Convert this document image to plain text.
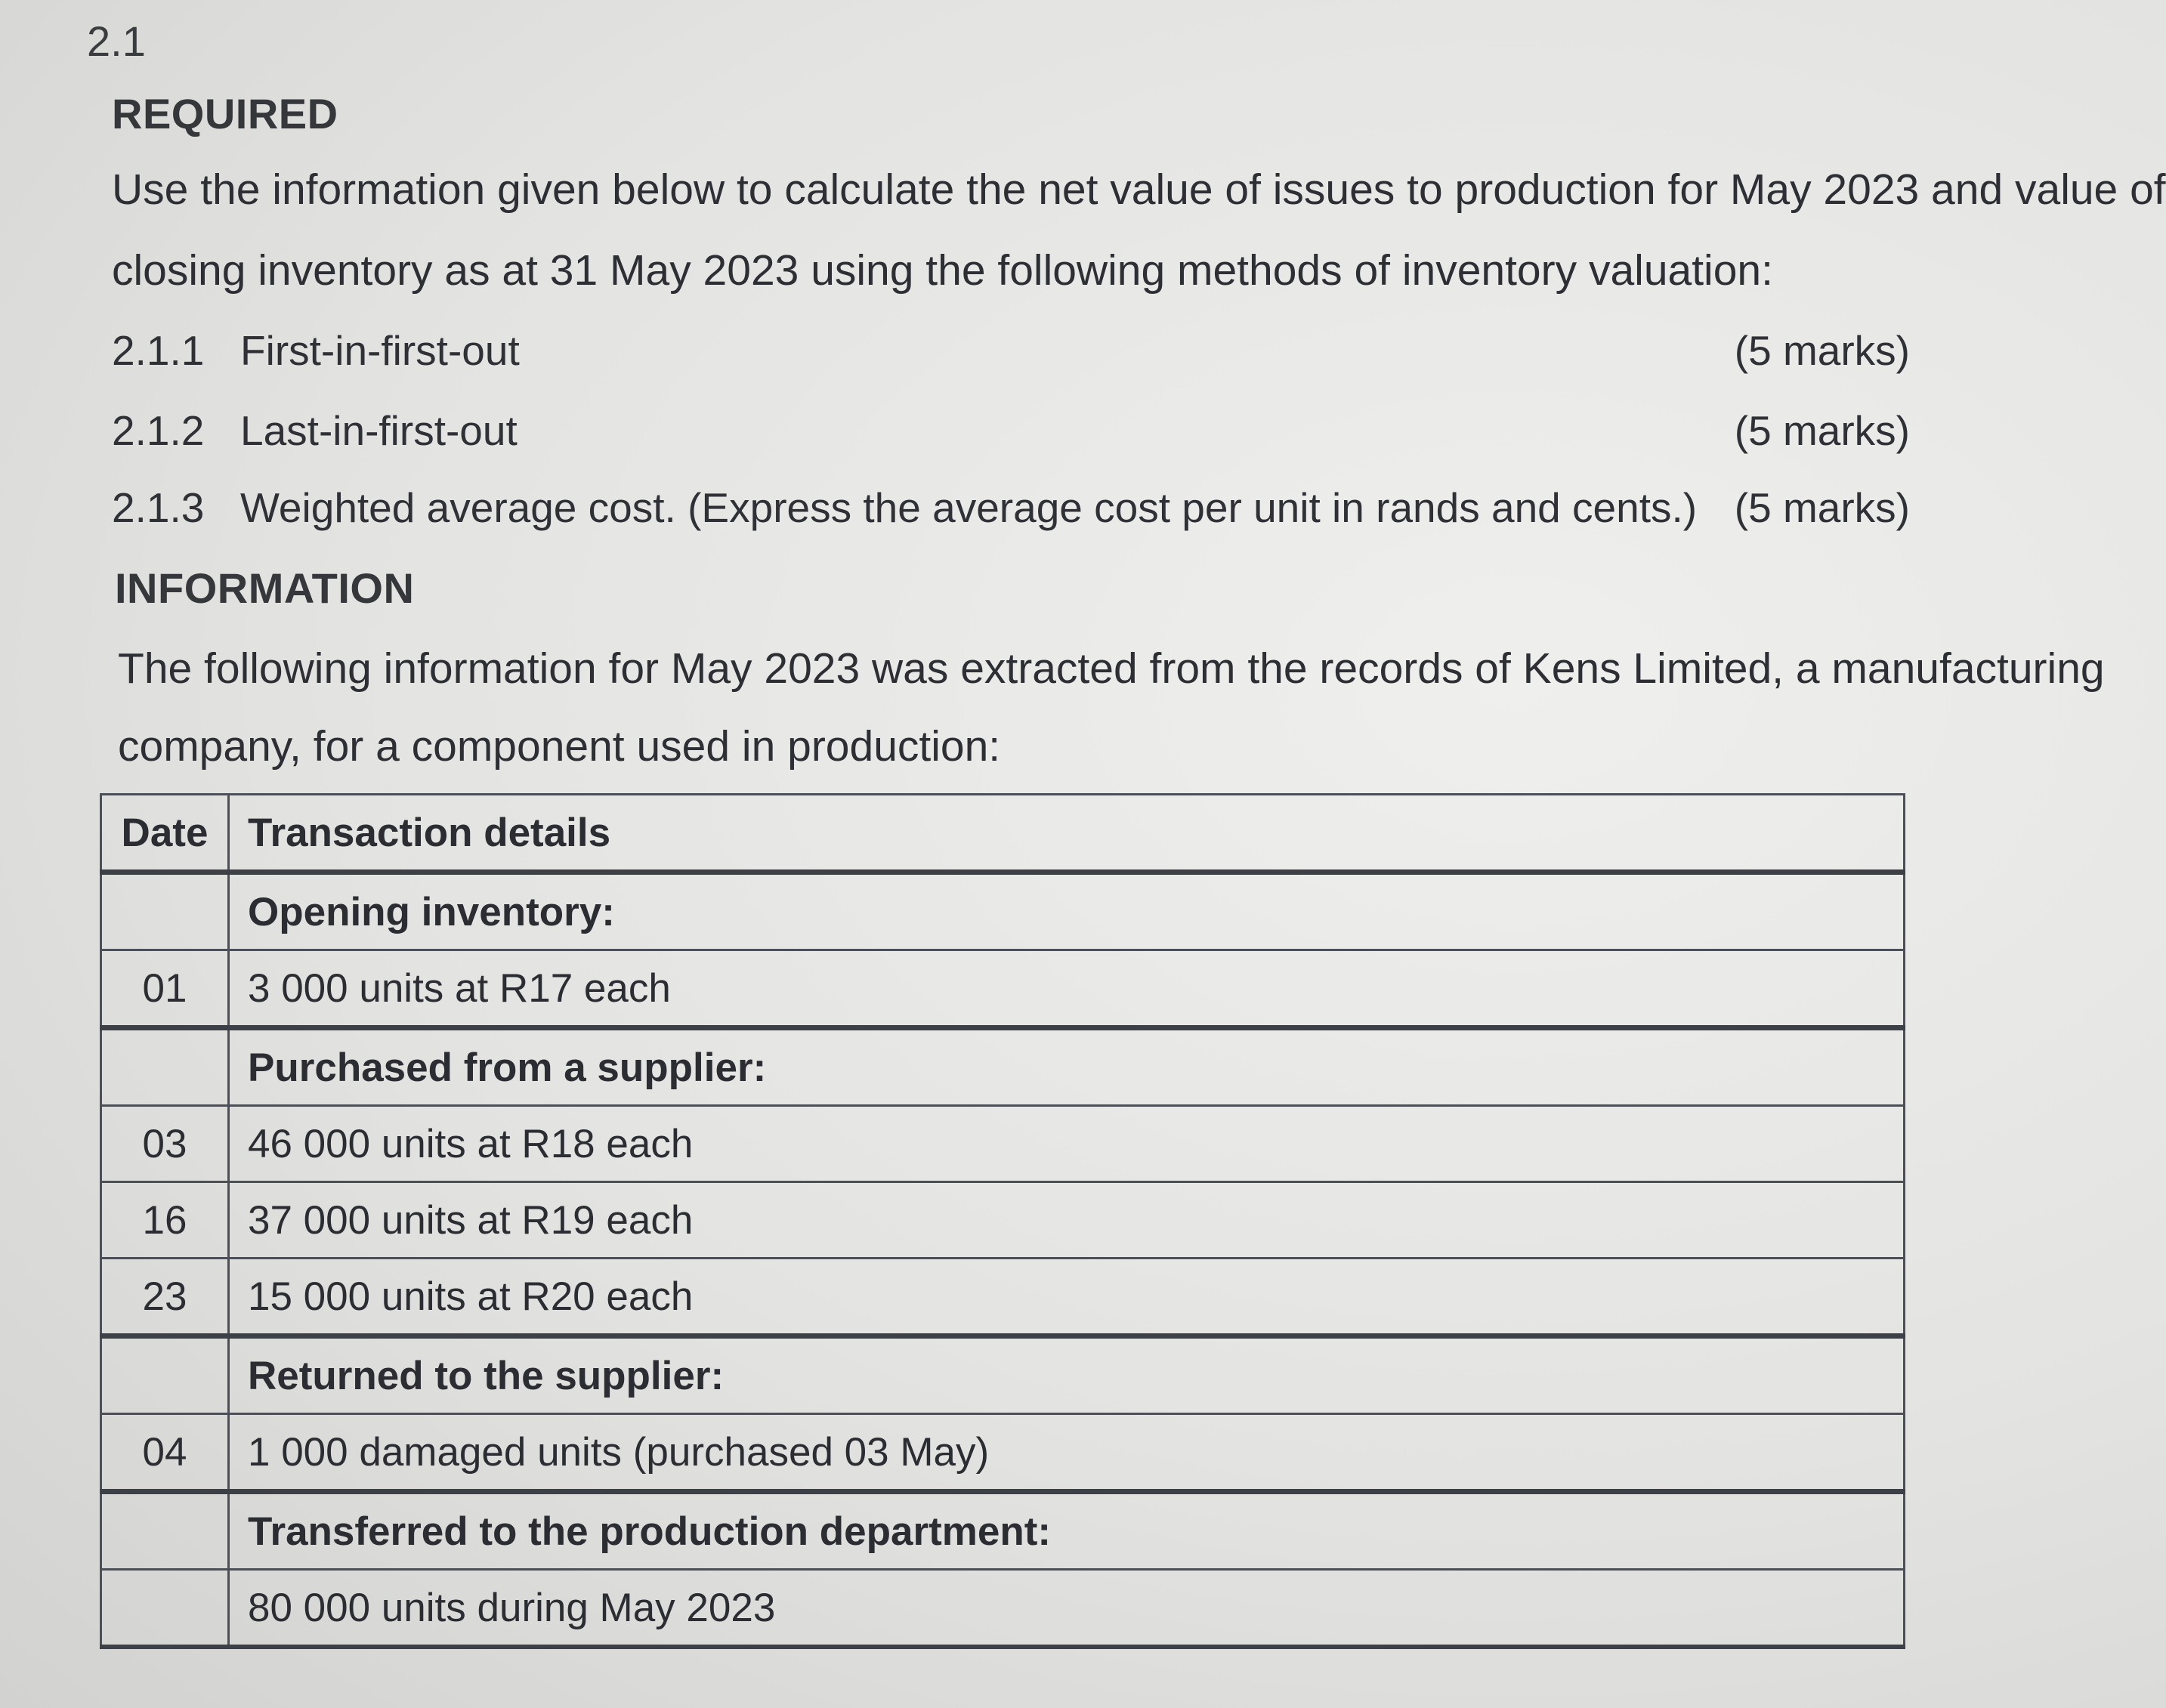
2.1
REQUIRED
Use the information given below to calculate the net value of issues to production for May 2023 and value of
closing inventory as at 31 May 2023 using the following methods of inventory valuation:
2.1.1 First-in-first-out	(5 marks)
2.1.2 Last-in-first-out	(5 marks)
2.1.3 Weighted average cost. (Express the average cost per unit in rands and cents.) (5 marks)
INFORMATION
The following information for May 2023 was extracted from the records of Kens Limited, a manufacturing
company, for a component used in production:
Date	Transaction details
	Opening inventory:
01	3 000 units at R17 each
	Purchased from a supplier:
03	46 000 units at R18 each
16	37 000 units at R19 each
23	15 000 units at R20 each
	Returned to the supplier:
04	1 000 damaged units (purchased 03 May)
	Transferred to the production department:
	80 000 units during May 2023
